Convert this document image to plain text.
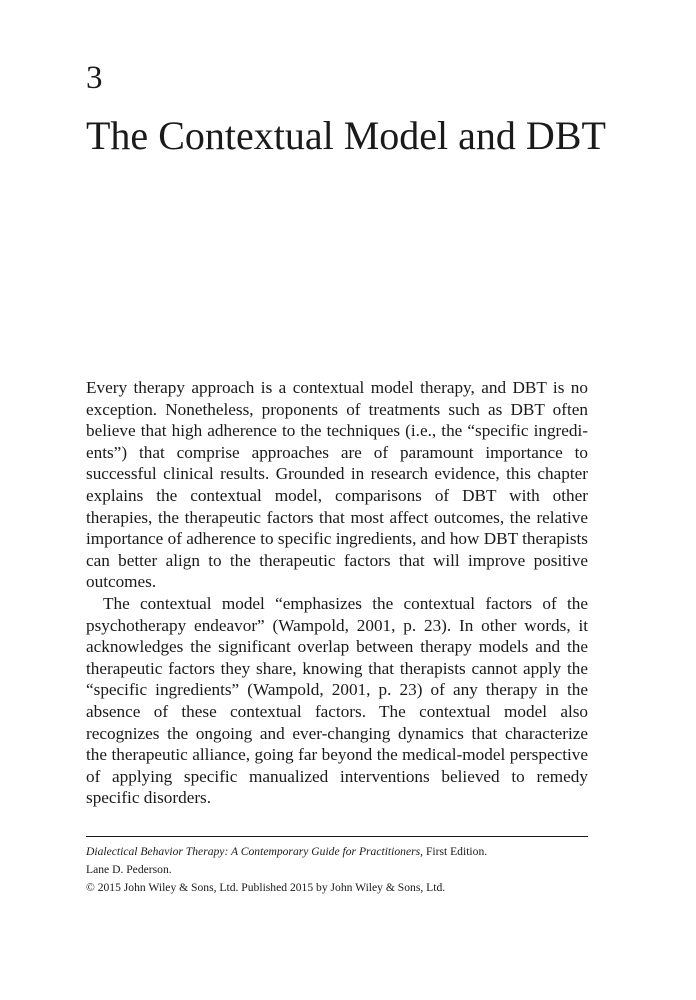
3
The Contextual Model and DBT

Every therapy approach is a contextual model therapy, and DBT is no exception. Nonetheless, proponents of treatments such as DBT often believe that high adherence to the techniques (i.e., the “specific ingredients”) that comprise approaches are of paramount importance to successful clinical results. Grounded in research evidence, this chapter explains the contextual model, comparisons of DBT with other therapies, the therapeutic factors that most affect outcomes, the relative importance of adherence to specific ingredients, and how DBT therapists can better align to the therapeutic factors that will improve positive outcomes.

The contextual model “emphasizes the contextual factors of the psychotherapy endeavor” (Wampold, 2001, p. 23). In other words, it acknowledges the significant overlap between therapy models and the therapeutic factors they share, knowing that therapists cannot apply the “specific ingredients” (Wampold, 2001, p. 23) of any therapy in the absence of these contextual factors. The contextual model also recognizes the ongoing and ever-changing dynamics that characterize the therapeutic alliance, going far beyond the medical-model perspective of applying specific manualized interventions believed to remedy specific disorders.

Dialectical Behavior Therapy: A Contemporary Guide for Practitioners, First Edition.
Lane D. Pederson.
© 2015 John Wiley & Sons, Ltd. Published 2015 by John Wiley & Sons, Ltd.
